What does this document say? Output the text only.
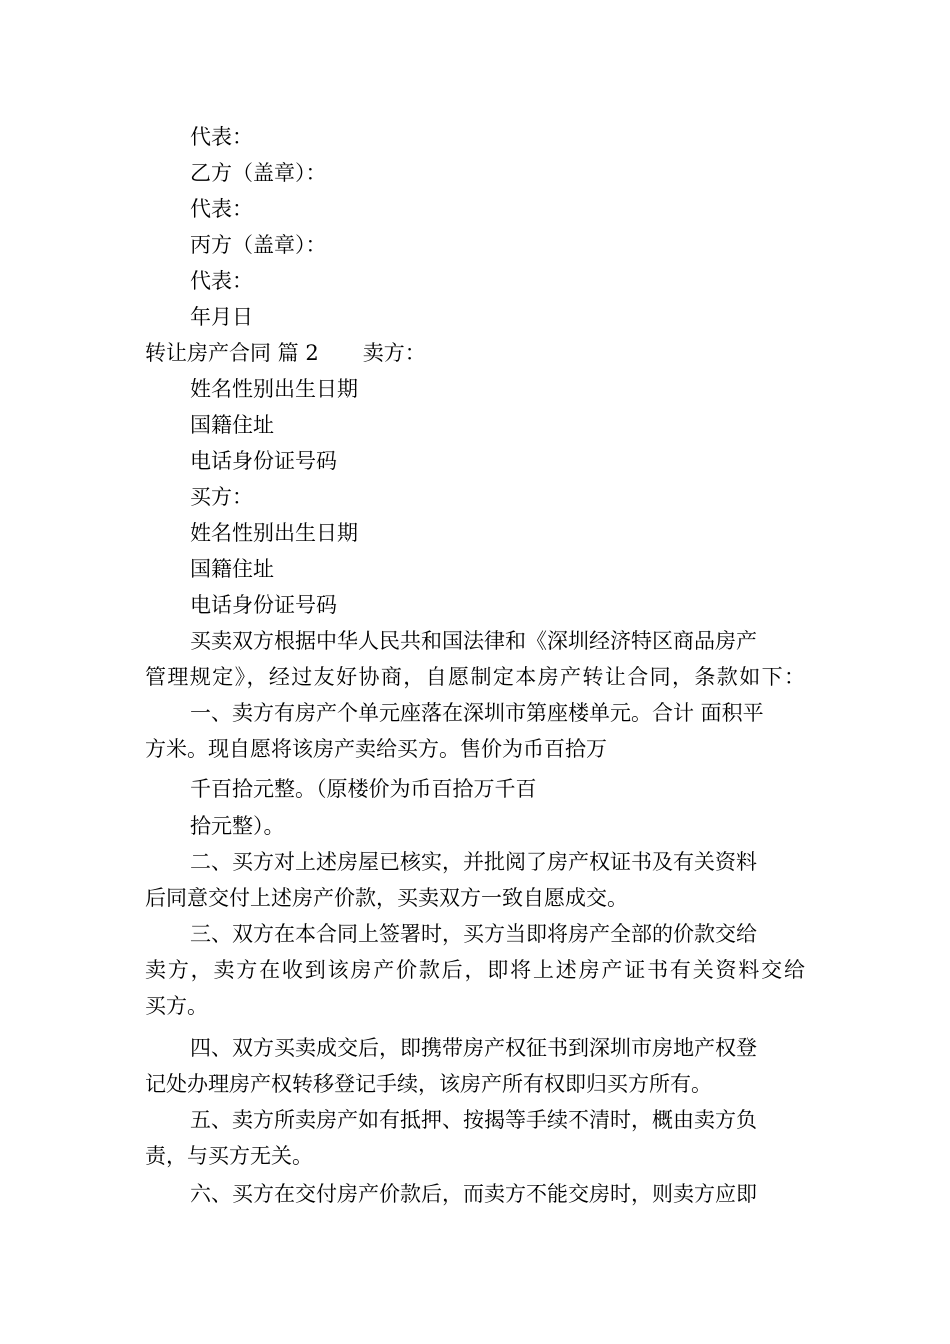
代表：
乙方（盖章）：
代表：
丙方（盖章）：
代表：
年月日
转让房产合同 篇 2 卖方：
姓名性别出生日期
国籍住址
电话身份证号码
买方：
姓名性别出生日期
国籍住址
电话身份证号码
买卖双方根据中华人民共和国法律和《深圳经济特区商品房产
管理规定》，经过友好协商，自愿制定本房产转让合同，条款如下：
一、卖方有房产个单元座落在深圳市第座楼单元。合计 面积平
方米。现自愿将该房产卖给买方。售价为币百拾万
千百拾元整。（原楼价为币百拾万千百
拾元整）。
二、买方对上述房屋已核实，并批阅了房产权证书及有关资料
后同意交付上述房产价款，买卖双方一致自愿成交。
三、双方在本合同上签署时，买方当即将房产全部的价款交给
卖方，卖方在收到该房产价款后，即将上述房产证书有关资料交给
买方。
四、双方买卖成交后，即携带房产权征书到深圳市房地产权登
记处办理房产权转移登记手续，该房产所有权即归买方所有。
五、卖方所卖房产如有抵押、按揭等手续不清时，概由卖方负
责，与买方无关。
六、买方在交付房产价款后，而卖方不能交房时，则卖方应即
